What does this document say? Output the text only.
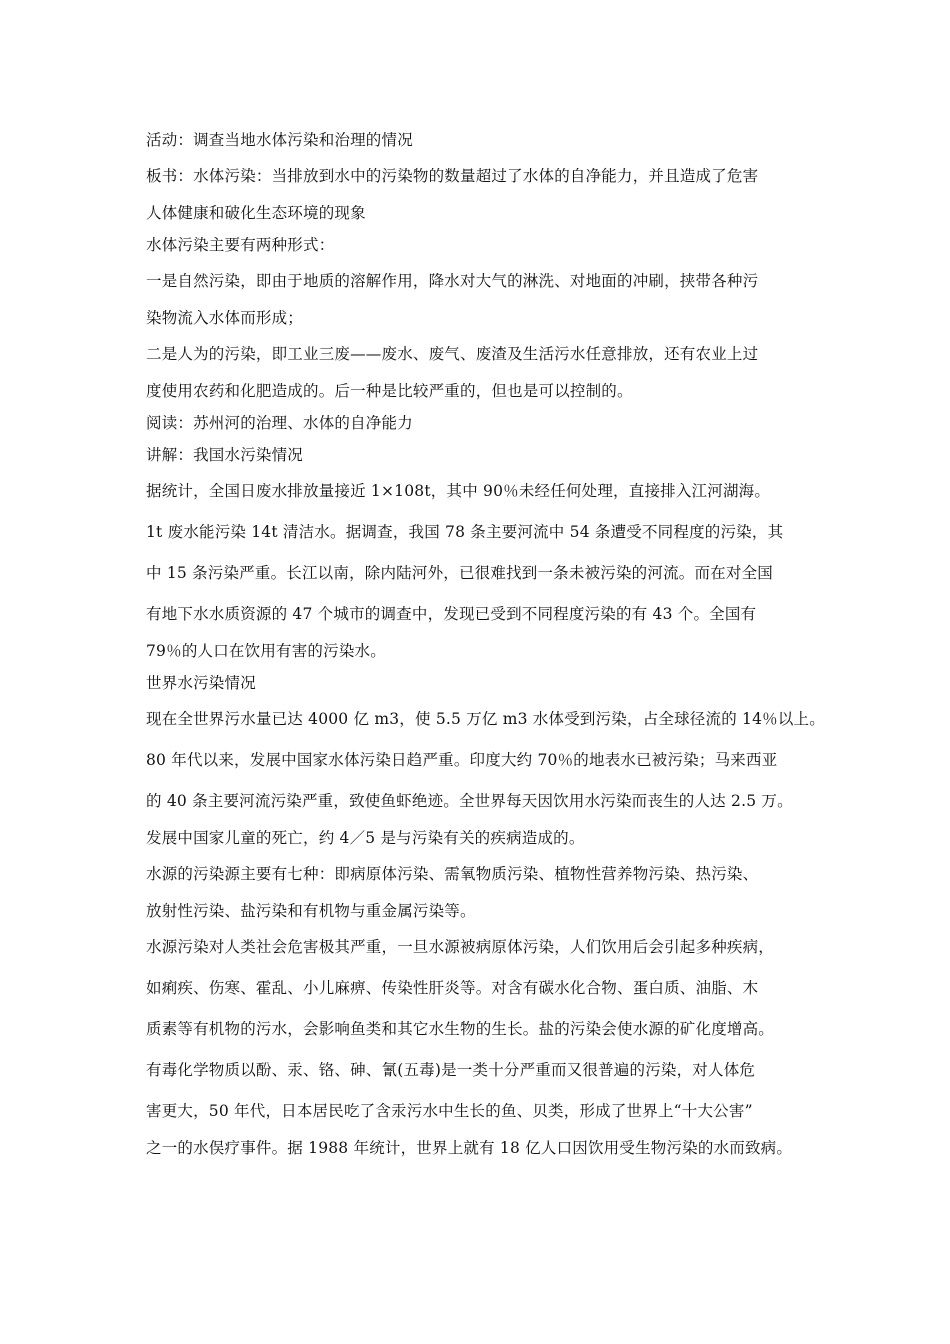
活动：调查当地水体污染和治理的情况
板书：水体污染：当排放到水中的污染物的数量超过了水体的自净能力，并且造成了危害
人体健康和破化生态环境的现象
水体污染主要有两种形式：
一是自然污染，即由于地质的溶解作用，降水对大气的淋洗、对地面的冲刷，挟带各种污
染物流入水体而形成；
二是人为的污染，即工业三废——废水、废气、废渣及生活污水任意排放，还有农业上过
度使用农药和化肥造成的。后一种是比较严重的，但也是可以控制的。
阅读：苏州河的治理、水体的自净能力
讲解：我国水污染情况
据统计，全国日废水排放量接近 1×108t，其中 90％未经任何处理，直接排入江河湖海。
1t 废水能污染 14t 清洁水。据调查，我国 78 条主要河流中 54 条遭受不同程度的污染，其
中 15 条污染严重。长江以南，除内陆河外，已很难找到一条未被污染的河流。而在对全国
有地下水水质资源的 47 个城市的调查中，发现已受到不同程度污染的有 43 个。全国有
79％的人口在饮用有害的污染水。
世界水污染情况
现在全世界污水量已达 4000 亿 m3，使 5.5 万亿 m3 水体受到污染，占全球径流的 14％以上。
80 年代以来，发展中国家水体污染日趋严重。印度大约 70％的地表水已被污染；马来西亚
的 40 条主要河流污染严重，致使鱼虾绝迹。全世界每天因饮用水污染而丧生的人达 2.5 万。
发展中国家儿童的死亡，约 4／5 是与污染有关的疾病造成的。
水源的污染源主要有七种：即病原体污染、需氧物质污染、植物性营养物污染、热污染、
放射性污染、盐污染和有机物与重金属污染等。
水源污染对人类社会危害极其严重，一旦水源被病原体污染，人们饮用后会引起多种疾病，
如痢疾、伤寒、霍乱、小儿麻痹、传染性肝炎等。对含有碳水化合物、蛋白质、油脂、木
质素等有机物的污水，会影响鱼类和其它水生物的生长。盐的污染会使水源的矿化度增高。
有毒化学物质以酚、汞、铬、砷、氰(五毒)是一类十分严重而又很普遍的污染，对人体危
害更大，50 年代，日本居民吃了含汞污水中生长的鱼、贝类，形成了世界上“十大公害”
之一的水俣疗事件。据 1988 年统计，世界上就有 18 亿人口因饮用受生物污染的水而致病。
